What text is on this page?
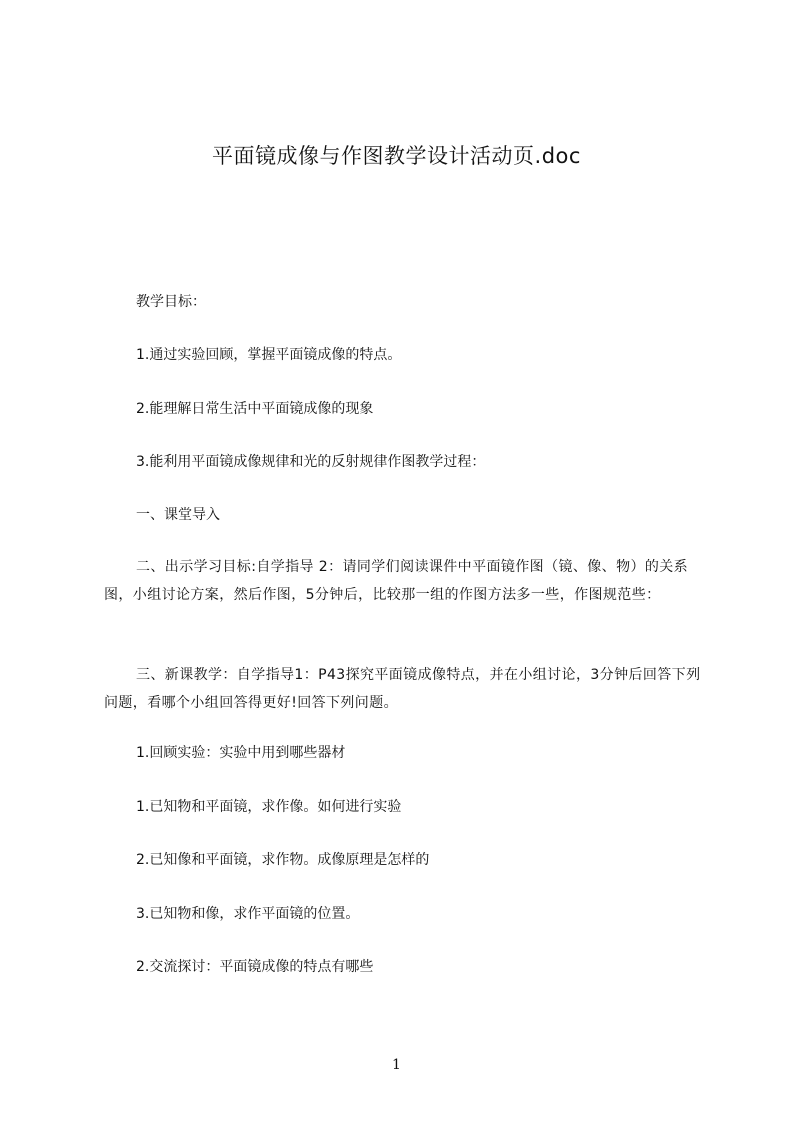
平面镜成像与作图教学设计活动页.doc
教学目标：
1.通过实验回顾，掌握平面镜成像的特点。
2.能理解日常生活中平面镜成像的现象
3.能利用平面镜成像规律和光的反射规律作图教学过程：
一、课堂导入
二、出示学习目标:自学指导 2：请同学们阅读课件中平面镜作图（镜、像、物）的关系图，小组讨论方案，然后作图，5分钟后，比较那一组的作图方法多一些，作图规范些：
三、新课教学：自学指导1：P43探究平面镜成像特点，并在小组讨论，3分钟后回答下列问题，看哪个小组回答得更好!回答下列问题。
1.回顾实验：实验中用到哪些器材
1.已知物和平面镜，求作像。如何进行实验
2.已知像和平面镜，求作物。成像原理是怎样的
3.已知物和像，求作平面镜的位置。
2.交流探讨：平面镜成像的特点有哪些
1
